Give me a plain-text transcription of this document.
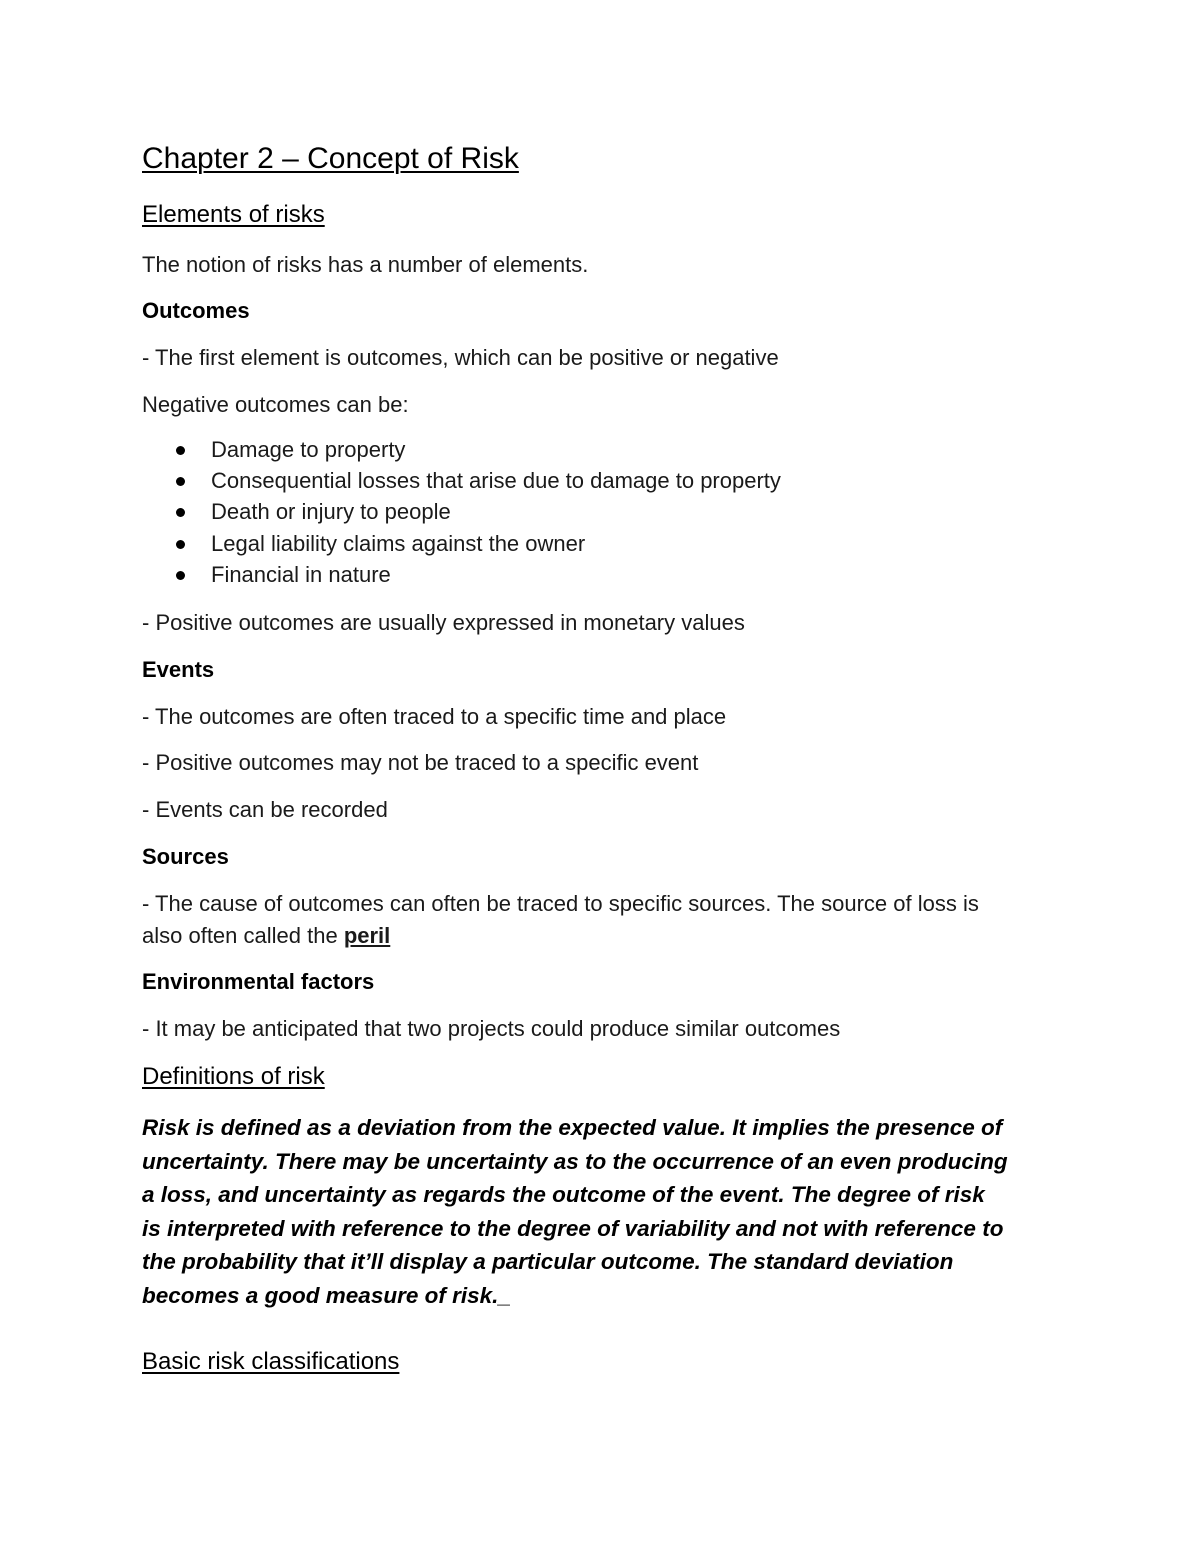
Chapter 2 – Concept of Risk
Elements of risks

The notion of risks has a number of elements.

Outcomes

- The first element is outcomes, which can be positive or negative

Negative outcomes can be:

Damage to property
Consequential losses that arise due to damage to property
Death or injury to people
Legal liability claims against the owner
Financial in nature

- Positive outcomes are usually expressed in monetary values

Events

- The outcomes are often traced to a specific time and place

- Positive outcomes may not be traced to a specific event

- Events can be recorded

Sources

- The cause of outcomes can often be traced to specific sources. The source of loss is

also often called the peril

Environmental factors

- It may be anticipated that two projects could produce similar outcomes

Definitions of risk
Risk is defined as a deviation from the expected value. It implies the presence of
uncertainty. There may be uncertainty as to the occurrence of an even producing
a loss, and uncertainty as regards the outcome of the event. The degree of risk
is interpreted with reference to the degree of variability and not with reference to
the probability that it’ll display a particular outcome. The standard deviation
becomes a good measure of risk._
Basic risk classifications
